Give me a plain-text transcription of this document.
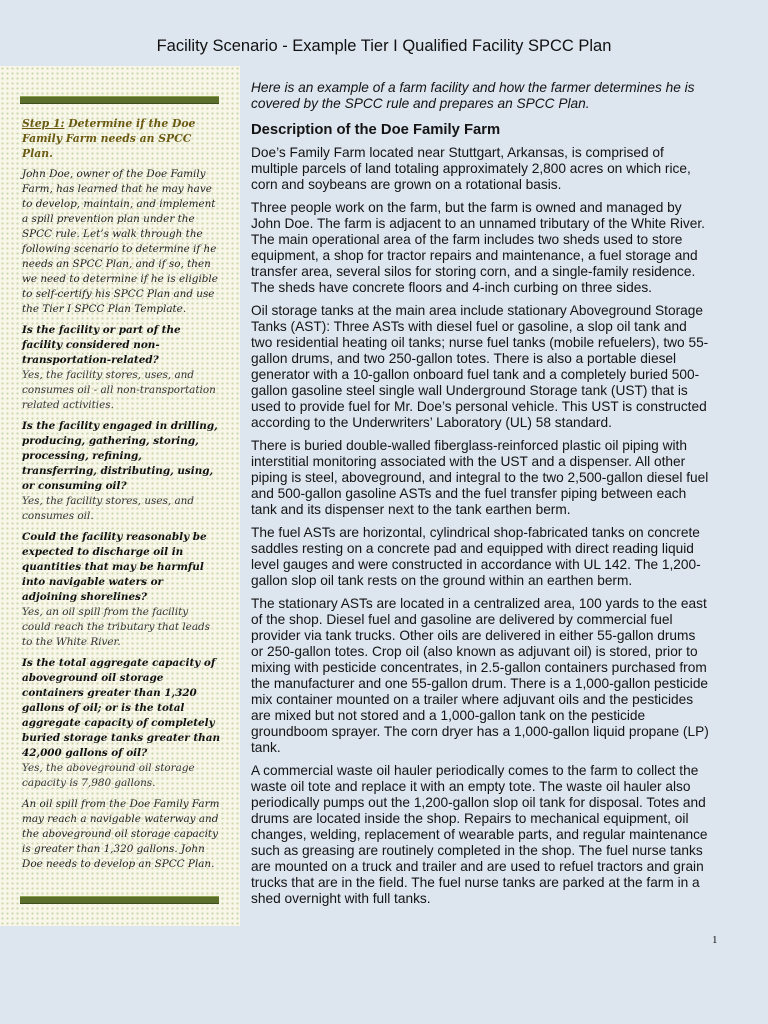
Facility Scenario - Example Tier I Qualified Facility SPCC Plan

Step 1: Determine if the Doe Family Farm needs an SPCC Plan.

John Doe, owner of the Doe Family Farm, has learned that he may have to develop, maintain, and implement a spill prevention plan under the SPCC rule. Let’s walk through the following scenario to determine if he needs an SPCC Plan, and if so, then we need to determine if he is eligible to self-certify his SPCC Plan and use the Tier I SPCC Plan Template.

Is the facility or part of the facility considered non-transportation-related?

Yes, the facility stores, uses, and consumes oil - all non-transportation related activities.

Is the facility engaged in drilling, producing, gathering, storing, processing, refining, transferring, distributing, using, or consuming oil?

Yes, the facility stores, uses, and consumes oil.

Could the facility reasonably be expected to discharge oil in quantities that may be harmful into navigable waters or adjoining shorelines?

Yes, an oil spill from the facility could reach the tributary that leads to the White River.

Is the total aggregate capacity of aboveground oil storage containers greater than 1,320 gallons of oil; or is the total aggregate capacity of completely buried storage tanks greater than 42,000 gallons of oil?

Yes, the aboveground oil storage capacity is 7,980 gallons.

An oil spill from the Doe Family Farm may reach a navigable waterway and the aboveground oil storage capacity is greater than 1,320 gallons. John Doe needs to develop an SPCC Plan.

Here is an example of a farm facility and how the farmer determines he is covered by the SPCC rule and prepares an SPCC Plan.

Description of the Doe Family Farm

Doe’s Family Farm located near Stuttgart, Arkansas, is comprised of multiple parcels of land totaling approximately 2,800 acres on which rice, corn and soybeans are grown on a rotational basis.

Three people work on the farm, but the farm is owned and managed by John Doe. The farm is adjacent to an unnamed tributary of the White River. The main operational area of the farm includes two sheds used to store equipment, a shop for tractor repairs and maintenance, a fuel storage and transfer area, several silos for storing corn, and a single-family residence. The sheds have concrete floors and 4-inch curbing on three sides.

Oil storage tanks at the main area include stationary Aboveground Storage Tanks (AST): Three ASTs with diesel fuel or gasoline, a slop oil tank and two residential heating oil tanks; nurse fuel tanks (mobile refuelers), two 55-gallon drums, and two 250-gallon totes. There is also a portable diesel generator with a 10-gallon onboard fuel tank and a completely buried 500-gallon gasoline steel single wall Underground Storage tank (UST) that is used to provide fuel for Mr. Doe’s personal vehicle. This UST is constructed according to the Underwriters’ Laboratory (UL) 58 standard.

There is buried double-walled fiberglass-reinforced plastic oil piping with interstitial monitoring associated with the UST and a dispenser. All other piping is steel, aboveground, and integral to the two 2,500-gallon diesel fuel and 500-gallon gasoline ASTs and the fuel transfer piping between each tank and its dispenser next to the tank earthen berm.

The fuel ASTs are horizontal, cylindrical shop-fabricated tanks on concrete saddles resting on a concrete pad and equipped with direct reading liquid level gauges and were constructed in accordance with UL 142. The 1,200-gallon slop oil tank rests on the ground within an earthen berm.

The stationary ASTs are located in a centralized area, 100 yards to the east of the shop. Diesel fuel and gasoline are delivered by commercial fuel provider via tank trucks. Other oils are delivered in either 55-gallon drums or 250-gallon totes. Crop oil (also known as adjuvant oil) is stored, prior to mixing with pesticide concentrates, in 2.5-gallon containers purchased from the manufacturer and one 55-gallon drum. There is a 1,000-gallon pesticide mix container mounted on a trailer where adjuvant oils and the pesticides are mixed but not stored and a 1,000-gallon tank on the pesticide groundboom sprayer. The corn dryer has a 1,000-gallon liquid propane (LP) tank.

A commercial waste oil hauler periodically comes to the farm to collect the waste oil tote and replace it with an empty tote. The waste oil hauler also periodically pumps out the 1,200-gallon slop oil tank for disposal. Totes and drums are located inside the shop. Repairs to mechanical equipment, oil changes, welding, replacement of wearable parts, and regular maintenance such as greasing are routinely completed in the shop. The fuel nurse tanks are mounted on a truck and trailer and are used to refuel tractors and grain trucks that are in the field. The fuel nurse tanks are parked at the farm in a shed overnight with full tanks.

1
